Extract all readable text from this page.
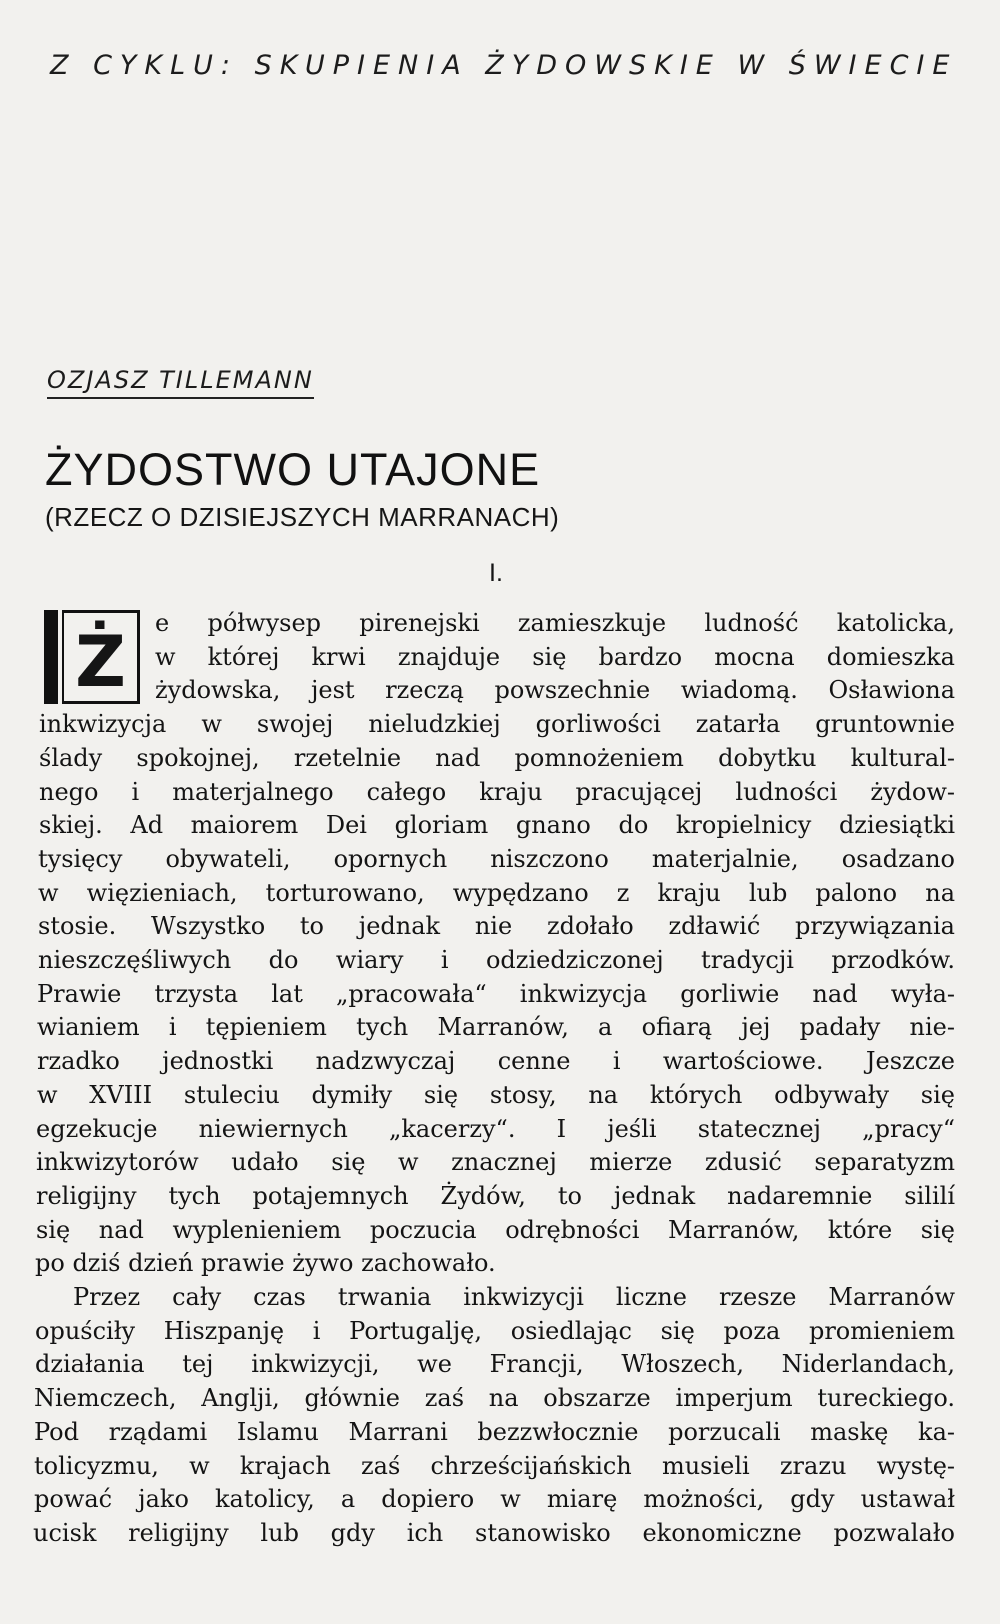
Z CYKLU: SKUPIENIA ŻYDOWSKIE W ŚWIECIE
OZJASZ TILLEMANN
ŻYDOSTWO UTAJONE
(RZECZ O DZISIEJSZYCH MARRANACH)
I.
Ż	e półwysep pirenejski zamieszkuje ludność katolicka,
w której krwi znajduje się bardzo mocna domieszka
żydowska, jest rzeczą powszechnie wiadomą. Osławiona
inkwizycja w swojej nieludzkiej gorliwości zatarła gruntownie
ślady spokojnej, rzetelnie nad pomnożeniem dobytku kultural-
nego i materjalnego całego kraju pracującej ludności żydow-
skiej. Ad maiorem Dei gloriam gnano do kropielnicy dziesiątki
tysięcy obywateli, opornych niszczono materjalnie, osadzano
w więzieniach, torturowano, wypędzano z kraju lub palono na
stosie. Wszystko to jednak nie zdołało zdławić przywiązania
nieszczęśliwych do wiary i odziedziczonej tradycji przodków.
Prawie trzysta lat „pracowała“ inkwizycja gorliwie nad wyła-
wianiem i tępieniem tych Marranów, a ofiarą jej padały nie-
rzadko jednostki nadzwyczaj cenne i wartościowe. Jeszcze
w XVIII stuleciu dymiły się stosy, na których odbywały się
egzekucje niewiernych „kacerzy“. I jeśli statecznej „pracy“
inkwizytorów udało się w znacznej mierze zdusić separatyzm
religijny tych potajemnych Żydów, to jednak nadaremnie sililí
się nad wyplenieniem poczucia odrębności Marranów, które się
po dziś dzień prawie żywo zachowało.
Przez cały czas trwania inkwizycji liczne rzesze Marranów
opuściły Hiszpanję i Portugalję, osiedlając się poza promieniem
działania tej inkwizycji, we Francji, Włoszech, Niderlandach,
Niemczech, Anglji, głównie zaś na obszarze imperjum tureckiego.
Pod rządami Islamu Marrani bezzwłocznie porzucali maskę ka-
tolicyzmu, w krajach zaś chrześcijańskich musieli zrazu wystę-
pować jako katolicy, a dopiero w miarę możności, gdy ustawał
ucisk religijny lub gdy ich stanowisko ekonomiczne pozwalało
